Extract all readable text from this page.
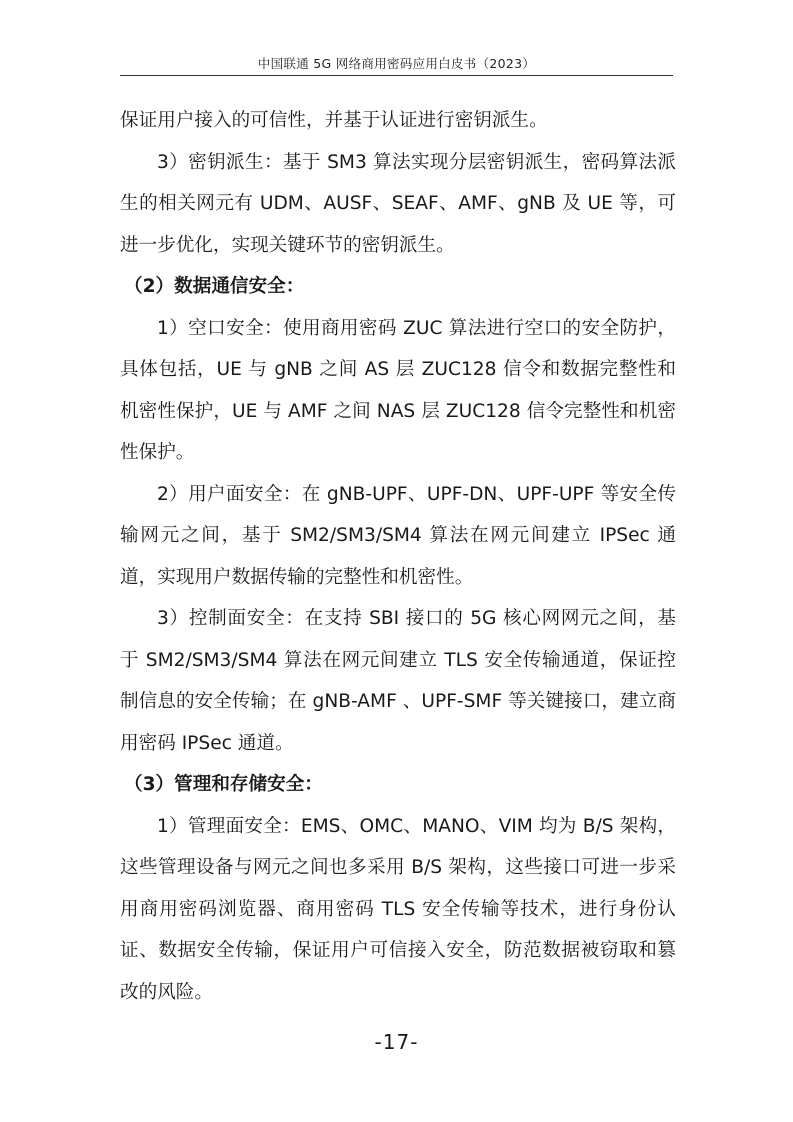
中国联通 5G 网络商用密码应用白皮书（2023）

保证用户接入的可信性，并基于认证进行密钥派生。

3）密钥派生：基于 SM3 算法实现分层密钥派生，密码算法派生的相关网元有 UDM、AUSF、SEAF、AMF、gNB 及 UE 等，可进一步优化，实现关键环节的密钥派生。

（2）数据通信安全：

1）空口安全：使用商用密码 ZUC 算法进行空口的安全防护，具体包括，UE 与 gNB 之间 AS 层 ZUC128 信令和数据完整性和机密性保护，UE 与 AMF 之间 NAS 层 ZUC128 信令完整性和机密性保护。

2）用户面安全：在 gNB-UPF、UPF-DN、UPF-UPF 等安全传输网元之间，基于 SM2/SM3/SM4 算法在网元间建立 IPSec 通道，实现用户数据传输的完整性和机密性。

3）控制面安全：在支持 SBI 接口的 5G 核心网网元之间，基于 SM2/SM3/SM4 算法在网元间建立 TLS 安全传输通道，保证控制信息的安全传输；在 gNB-AMF 、UPF-SMF 等关键接口，建立商用密码 IPSec 通道。

（3）管理和存储安全：

1）管理面安全：EMS、OMC、MANO、VIM 均为 B/S 架构，这些管理设备与网元之间也多采用 B/S 架构，这些接口可进一步采用商用密码浏览器、商用密码 TLS 安全传输等技术，进行身份认证、数据安全传输，保证用户可信接入安全，防范数据被窃取和篡改的风险。

-17-
